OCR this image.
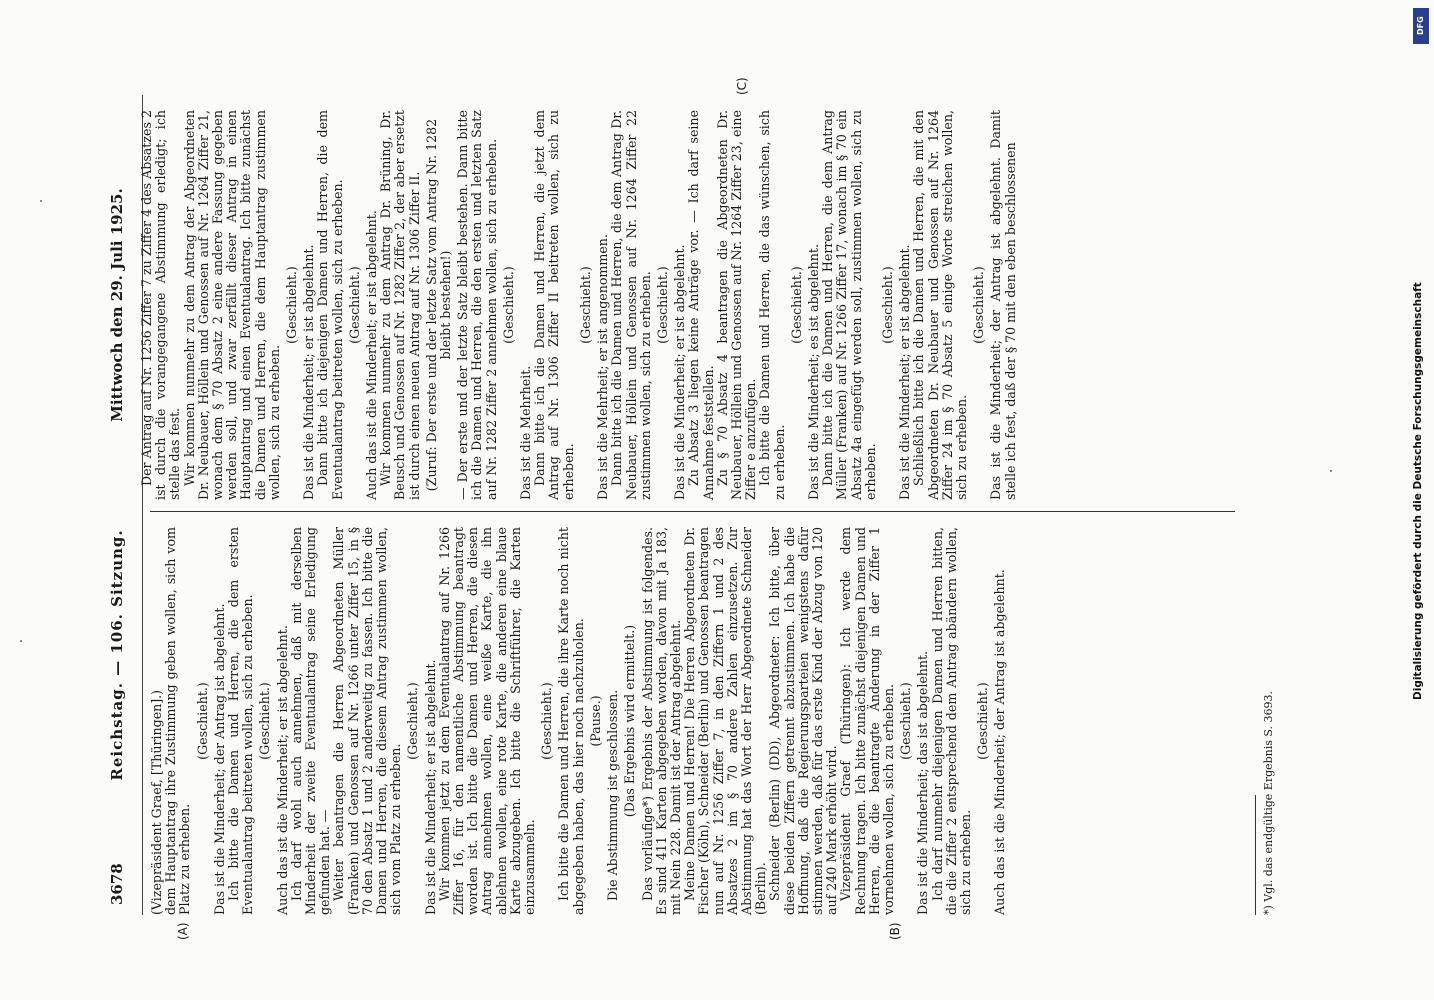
3678
Reichstag. — 106. Sitzung.
Mittwoch den 29. Juli 1925.
(A)	(B)
(C)

(Vizepräsident Graef, [Thüringen].) dem Hauptantrag ihre Zustimmung geben wollen, sich vom Platz zu erheben.

(Geschieht.) Das ist die Minderheit; der Antrag ist abgelehnt. Ich bitte die Damen und Herren, die dem ersten Eventualantrag beitreten wollen, sich zu erheben. (Geschieht.) Auch das ist die Minderheit; er ist abgelehnt. Ich darf wohl auch annehmen, daß mit derselben Minderheit der zweite Eventualantrag seine Erledigung gefunden hat. — Weiter beantragen die Herren Abgeordneten Müller (Franken) und Genossen auf Nr. 1266 unter Ziffer 15, in § 70 den Absatz 1 und 2 anderweitig zu fassen. Ich bitte die Damen und Herren, die diesem Antrag zustimmen wollen, sich vom Platz zu erheben.

(Geschieht.) Das ist die Minderheit; er ist abgelehnt. Wir kommen jetzt zu dem Eventualantrag auf Nr. 1266 Ziffer 16, für den namentliche Abstimmung beantragt worden ist. Ich bitte die Damen und Herren, die diesen Antrag annehmen wollen, eine weiße Karte, die ihn ablehnen wollen, eine rote Karte, die anderen eine blaue Karte abzugeben. Ich bitte die Schriftführer, die Karten einzusammeln.

(Geschieht.) Ich bitte die Damen und Herren, die ihre Karte noch nicht abgegeben haben, das hier noch nachzuholen. (Pause.) Die Abstimmung ist geschlossen. (Das Ergebnis wird ermittelt.) Das vorläufige*) Ergebnis der Abstimmung ist folgendes. Es sind 411 Karten abgegeben worden, davon mit Ja 183, mit Nein 228. Damit ist der Antrag abgelehnt. Meine Damen und Herren! Die Herren Abgeordneten Dr. Fischer (Köln), Schneider (Berlin) und Genossen beantragen nun auf Nr. 1256 Ziffer 7, in den Ziffern 1 und 2 des Absatzes 2 im § 70 andere Zahlen einzusetzen. Zur Abstimmung hat das Wort der Herr Abgeordnete Schneider (Berlin). Schneider (Berlin) (DD), Abgeordneter: Ich bitte, über diese beiden Ziffern getrennt abzustimmen. Ich habe die Hoffnung, daß die Regierungsparteien wenigstens dafür stimmen werden, daß für das erste Kind der Abzug von 120 auf 240 Mark erhöht wird. Vizepräsident Graef (Thüringen): Ich werde dem Rechnung tragen. Ich bitte zunächst diejenigen Damen und Herren, die die beantragte Änderung in der Ziffer 1 vornehmen wollen, sich zu erheben. (Geschieht.) Das ist die Minderheit; das ist abgelehnt. Ich darf nunmehr diejenigen Damen und Herren bitten, die die Ziffer 2 entsprechend dem Antrag abändern wollen, sich zu erheben.

(Geschieht.) Auch das ist die Minderheit; der Antrag ist abgelehnt.

Der Antrag auf Nr. 1256 Ziffer 7 zu Ziffer 4 des Absatzes 2 ist durch die vorangegangene Abstimmung erledigt; ich stelle das fest. Wir kommen nunmehr zu dem Antrag der Abgeordneten Dr. Neubauer, Höllein und Genossen auf Nr. 1264 Ziffer 21, wonach dem § 70 Absatz 2 eine andere Fassung gegeben werden soll, und zwar zerfällt dieser Antrag in einen Hauptantrag und einen Eventualantrag. Ich bitte zunächst die Damen und Herren, die dem Hauptantrag zustimmen wollen, sich zu erheben.

(Geschieht.) Das ist die Minderheit; er ist abgelehnt. Dann bitte ich diejenigen Damen und Herren, die dem Eventualantrag beitreten wollen, sich zu erheben. (Geschieht.) Auch das ist die Minderheit; er ist abgelehnt. Wir kommen nunmehr zu dem Antrag Dr. Brüning, Dr. Beusch und Genossen auf Nr. 1282 Ziffer 2, der aber ersetzt ist durch einen neuen Antrag auf Nr. 1306 Ziffer II. (Zuruf: Der erste und der letzte Satz vom Antrag Nr. 1282 bleibt bestehen!) — Der erste und der letzte Satz bleibt bestehen. Dann bitte ich die Damen und Herren, die den ersten und letzten Satz auf Nr. 1282 Ziffer 2 annehmen wollen, sich zu erheben. (Geschieht.)

Das ist die Mehrheit. Dann bitte ich die Damen und Herren, die jetzt dem Antrag auf Nr. 1306 Ziffer II beitreten wollen, sich zu erheben.

(Geschieht.) Das ist die Mehrheit; er ist angenommen. Dann bitte ich die Damen und Herren, die dem Antrag Dr. Neubauer, Höllein und Genossen auf Nr. 1264 Ziffer 22 zustimmen wollen, sich zu erheben. (Geschieht.) Das ist die Minderheit; er ist abgelehnt. Zu Absatz 3 liegen keine Anträge vor. — Ich darf seine Annahme feststellen. Zu § 70 Absatz 4 beantragen die Abgeordneten Dr. Neubauer, Höllein und Genossen auf Nr. 1264 Ziffer 23, eine Ziffer e anzufügen. Ich bitte die Damen und Herren, die das wünschen, sich zu erheben.

(Geschieht.) Das ist die Minderheit; es ist abgelehnt. Dann bitte ich die Damen und Herren, die dem Antrag Müller (Franken) auf Nr. 1266 Ziffer 17, wonach im § 70 ein Absatz 4a eingefügt werden soll, zustimmen wollen, sich zu erheben.

(Geschieht.) Das ist die Minderheit; er ist abgelehnt. Schließlich bitte ich die Damen und Herren, die mit den Abgeordneten Dr. Neubauer und Genossen auf Nr. 1264 Ziffer 24 im § 70 Absatz 5 einige Worte streichen wollen, sich zu erheben.

(Geschieht.) Das ist die Minderheit; der Antrag ist abgelehnt. Damit stelle ich fest, daß der § 70 mit den eben beschlossenen

*) Vgl. das endgültige Ergebnis S. 3693.
DFG
Digitalisierung gefördert durch die Deutsche Forschungsgemeinschaft
